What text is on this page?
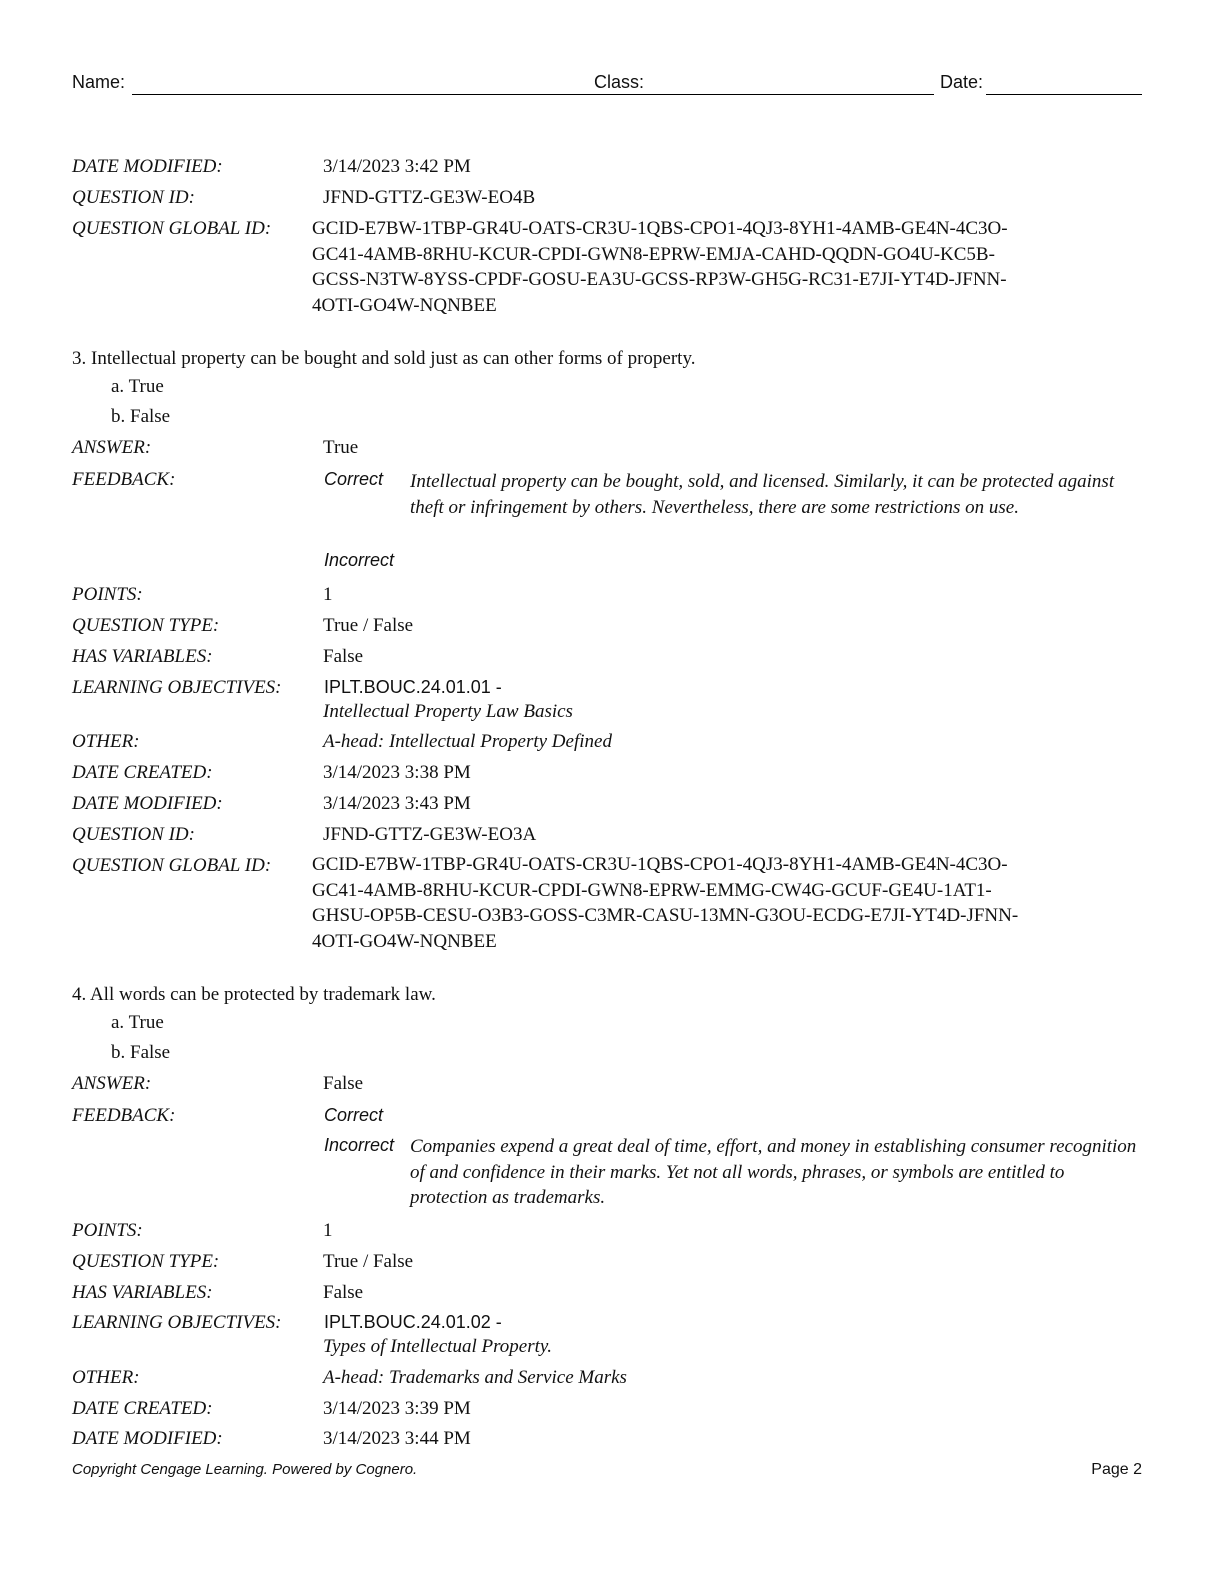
Name:	Class:	Date:
DATE MODIFIED:	3/14/2023 3:42 PM
QUESTION ID:	JFND-GTTZ-GE3W-EO4B
QUESTION GLOBAL ID: GCID-E7BW-1TBP-GR4U-OATS-CR3U-1QBS-CPO1-4QJ3-8YH1-4AMB-GE4N-4C3O-
GC41-4AMB-8RHU-KCUR-CPDI-GWN8-EPRW-EMJA-CAHD-QQDN-GO4U-KC5B-
GCSS-N3TW-8YSS-CPDF-GOSU-EA3U-GCSS-RP3W-GH5G-RC31-E7JI-YT4D-JFNN-
4OTI-GO4W-NQNBEE
3. Intellectual property can be bought and sold just as can other forms of property.
a. True
b. False
ANSWER:	True
FEEDBACK:	Correct Intellectual property can be bought, sold, and licensed. Similarly, it can be protected against theft or infringement by others. Nevertheless, there are some restrictions on use.
Incorrect
POINTS:	1
QUESTION TYPE:	True / False
HAS VARIABLES:	False
LEARNING OBJECTIVES: IPLT.BOUC.24.01.01 -
Intellectual Property Law Basics
OTHER:	A-head: Intellectual Property Defined
DATE CREATED:	3/14/2023 3:38 PM
DATE MODIFIED:	3/14/2023 3:43 PM
QUESTION ID:	JFND-GTTZ-GE3W-EO3A
QUESTION GLOBAL ID: GCID-E7BW-1TBP-GR4U-OATS-CR3U-1QBS-CPO1-4QJ3-8YH1-4AMB-GE4N-4C3O-
GC41-4AMB-8RHU-KCUR-CPDI-GWN8-EPRW-EMMG-CW4G-GCUF-GE4U-1AT1-
GHSU-OP5B-CESU-O3B3-GOSS-C3MR-CASU-13MN-G3OU-ECDG-E7JI-YT4D-JFNN-
4OTI-GO4W-NQNBEE
4. All words can be protected by trademark law.
a. True
b. False
ANSWER:	False
FEEDBACK:	Correct
Incorrect Companies expend a great deal of time, effort, and money in establishing consumer recognition of and confidence in their marks. Yet not all words, phrases, or symbols are entitled to protection as trademarks.
POINTS:	1
QUESTION TYPE:	True / False
HAS VARIABLES:	False
LEARNING OBJECTIVES: IPLT.BOUC.24.01.02 -
Types of Intellectual Property.
OTHER:	A-head: Trademarks and Service Marks
DATE CREATED:	3/14/2023 3:39 PM
DATE MODIFIED:	3/14/2023 3:44 PM
Copyright Cengage Learning. Powered by Cognero.	Page 2
